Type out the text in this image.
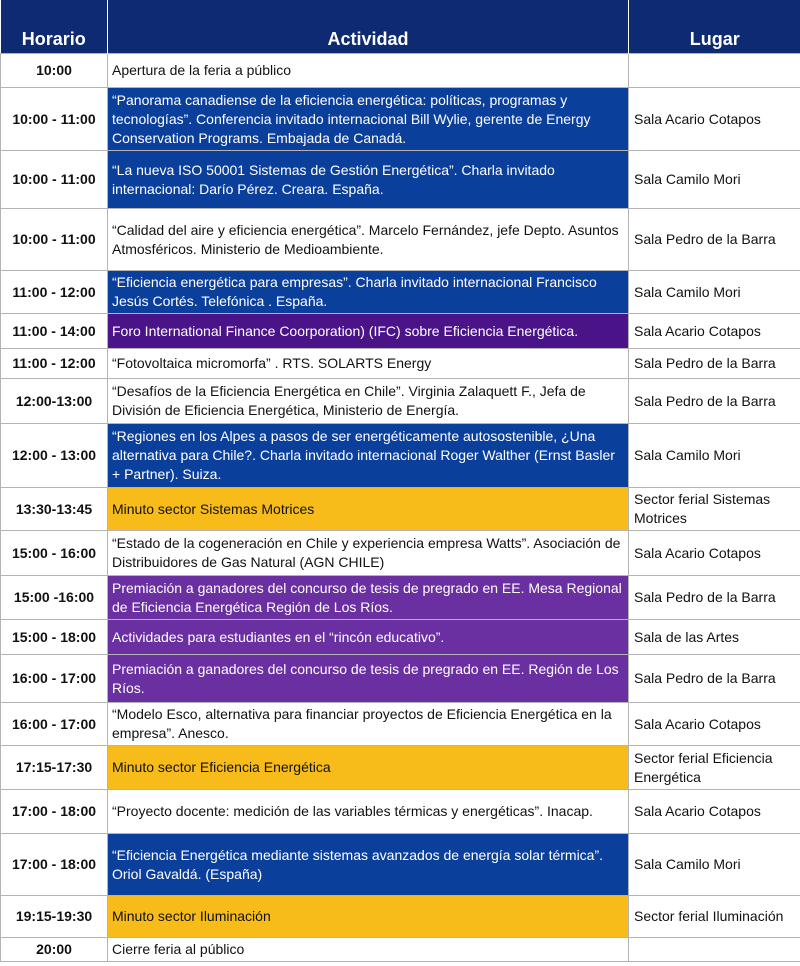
Horario	Actividad	Lugar
10:00	Apertura de la feria a público	
10:00 - 11:00	“Panorama canadiense de la eficiencia energética: políticas, programas y tecnologías”. Conferencia invitado internacional Bill Wylie, gerente de Energy Conservation Programs. Embajada de Canadá.	Sala Acario Cotapos
10:00 - 11:00	“La nueva ISO 50001 Sistemas de Gestión Energética”. Charla invitado internacional: Darío Pérez. Creara. España.	Sala Camilo Mori
10:00 - 11:00	“Calidad del aire y eficiencia energética”. Marcelo Fernández, jefe Depto. Asuntos Atmosféricos. Ministerio de Medioambiente.	Sala Pedro de la Barra
11:00 - 12:00	“Eficiencia energética para empresas”. Charla invitado internacional Francisco Jesús Cortés. Telefónica . España.	Sala Camilo Mori
11:00 - 14:00	Foro International Finance Coorporation) (IFC) sobre Eficiencia Energética.	Sala Acario Cotapos
11:00 - 12:00	“Fotovoltaica micromorfa” . RTS. SOLARTS Energy	Sala Pedro de la Barra
12:00-13:00	“Desafíos de la Eficiencia Energética en Chile”. Virginia Zalaquett F., Jefa de División de Eficiencia Energética, Ministerio de Energía.	Sala Pedro de la Barra
12:00 - 13:00	“Regiones en los Alpes a pasos de ser energéticamente autosostenible, ¿Una alternativa para Chile?. Charla invitado internacional Roger Walther (Ernst Basler + Partner). Suiza.	Sala Camilo Mori
13:30-13:45	Minuto sector Sistemas Motrices	Sector ferial Sistemas Motrices
15:00 - 16:00	“Estado de la cogeneración en Chile y experiencia empresa Watts”. Asociación de Distribuidores de Gas Natural (AGN CHILE)	Sala Acario Cotapos
15:00 -16:00	Premiación a ganadores del concurso de tesis de pregrado en EE. Mesa Regional de Eficiencia Energética Región de Los Ríos.	Sala Pedro de la Barra
15:00 - 18:00	Actividades para estudiantes en el “rincón educativo”.	Sala de las Artes
16:00 - 17:00	Premiación a ganadores del concurso de tesis de pregrado en EE. Región de Los Ríos.	Sala Pedro de la Barra
16:00 - 17:00	“Modelo Esco, alternativa para financiar proyectos de Eficiencia Energética en la empresa”. Anesco.	Sala Acario Cotapos
17:15-17:30	Minuto sector Eficiencia Energética	Sector ferial Eficiencia Energética
17:00 - 18:00	“Proyecto docente: medición de las variables térmicas y energéticas”. Inacap.	Sala Acario Cotapos
17:00 - 18:00	“Eficiencia Energética mediante sistemas avanzados de energía solar térmica”. Oriol Gavaldá. (España)	Sala Camilo Mori
19:15-19:30	Minuto sector Iluminación	Sector ferial Iluminación
20:00	Cierre feria al público	
